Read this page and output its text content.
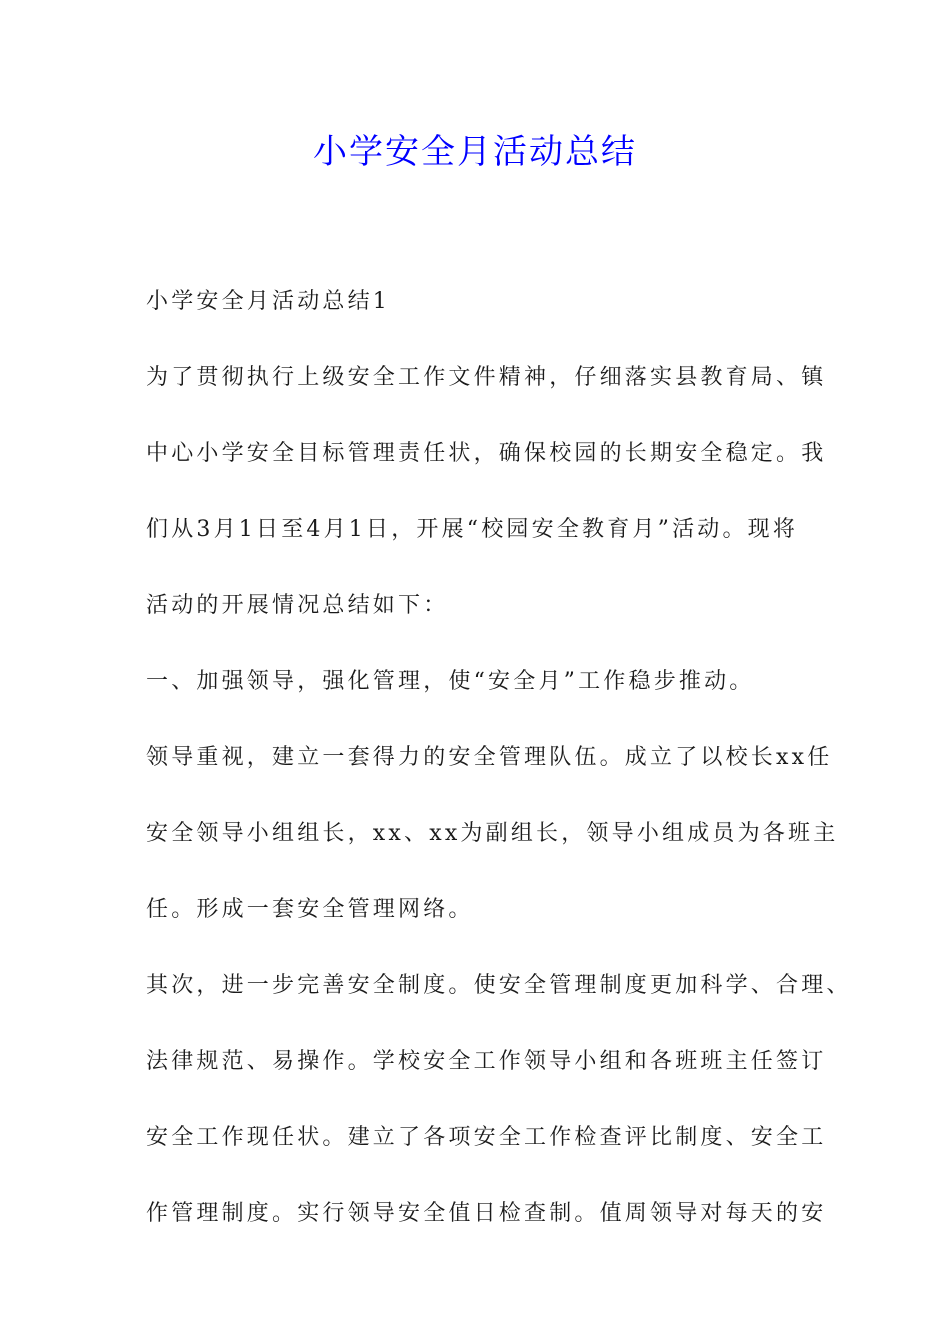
小学安全月活动总结

小学安全月活动总结1

为了贯彻执行上级安全工作文件精神，仔细落实县教育局、镇

中心小学安全目标管理责任状，确保校园的长期安全稳定。我

们从3月1日至4月1日，开展“校园安全教育月”活动。现将

活动的开展情况总结如下：

一、加强领导，强化管理，使“安全月”工作稳步推动。

领导重视，建立一套得力的安全管理队伍。成立了以校长xx任

安全领导小组组长，xx、xx为副组长，领导小组成员为各班主

任。形成一套安全管理网络。

其次，进一步完善安全制度。使安全管理制度更加科学、合理、

法律规范、易操作。学校安全工作领导小组和各班班主任签订

安全工作现任状。建立了各项安全工作检查评比制度、安全工

作管理制度。实行领导安全值日检查制。值周领导对每天的安
